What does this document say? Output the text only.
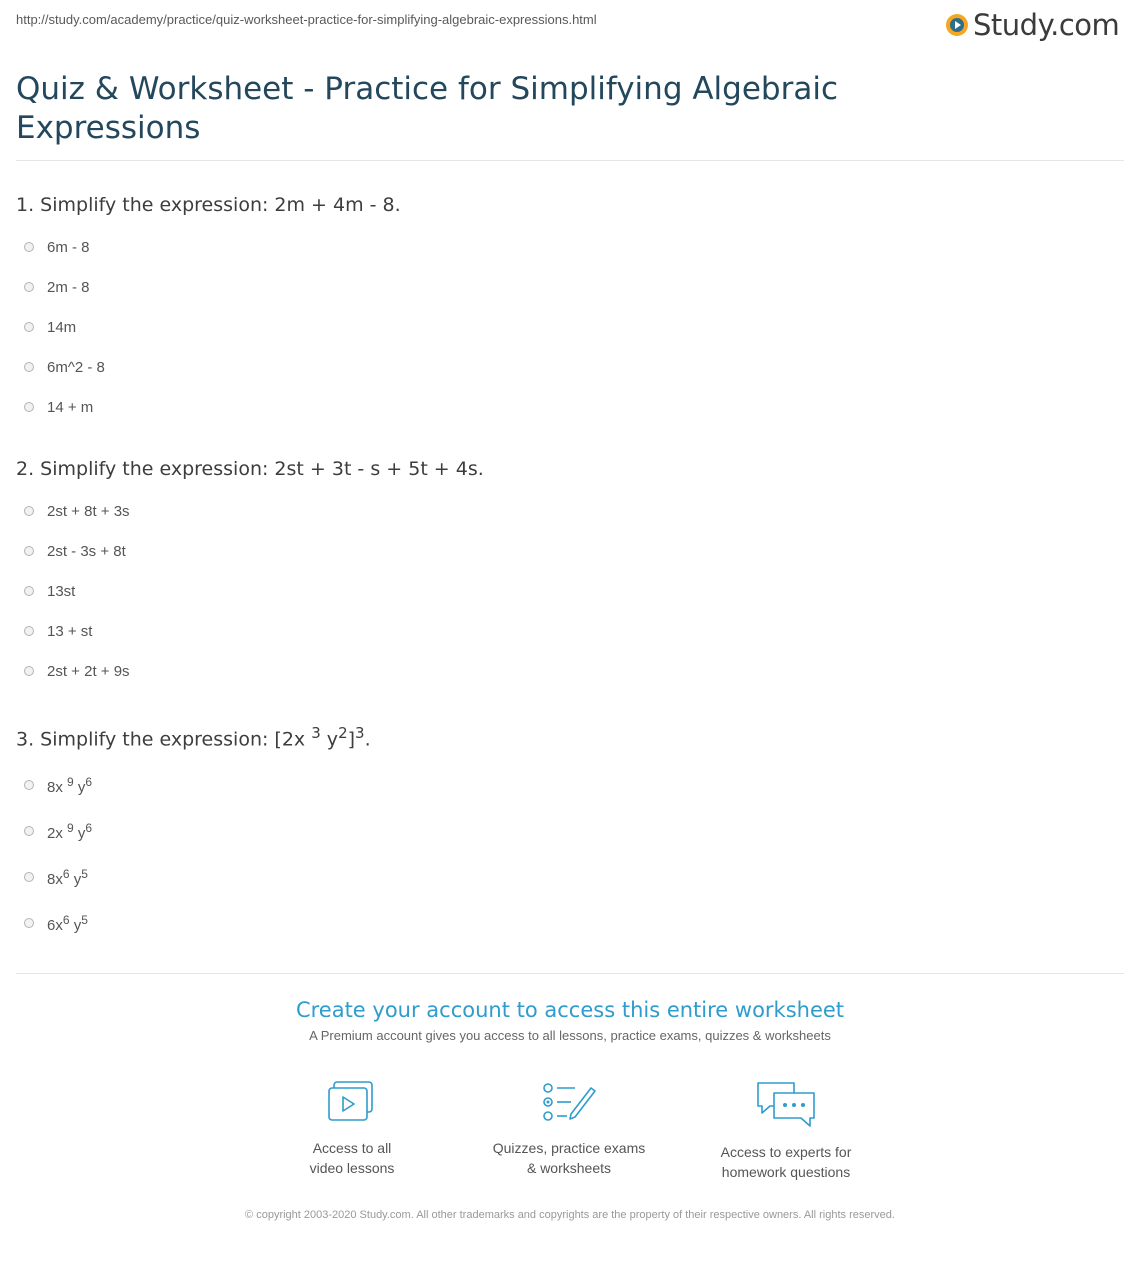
http://study.com/academy/practice/quiz-worksheet-practice-for-simplifying-algebraic-expressions.html	Study.com
Quiz & Worksheet - Practice for Simplifying Algebraic Expressions
1. Simplify the expression: 2m + 4m - 8.
6m - 8
2m - 8
14m
6m^2 - 8
14 + m
2. Simplify the expression: 2st + 3t - s + 5t + 4s.
2st + 8t + 3s
2st - 3s + 8t
13st
13 + st
2st + 2t + 9s
3. Simplify the expression: [2x $^3$ $y^2]^3$.
8x $^9$ $y^6$
2x $^9$ $y^6$
$8x^6$ $y^5$
$6x^6$ $y^5$
Create your account to access this entire worksheet
A Premium account gives you access to all lessons, practice exams, quizzes & worksheets
Access to all
video lessons
Quizzes, practice exams
& worksheets
Access to experts for
homework questions
© copyright 2003-2020 Study.com. All other trademarks and copyrights are the property of their respective owners. All rights reserved.
